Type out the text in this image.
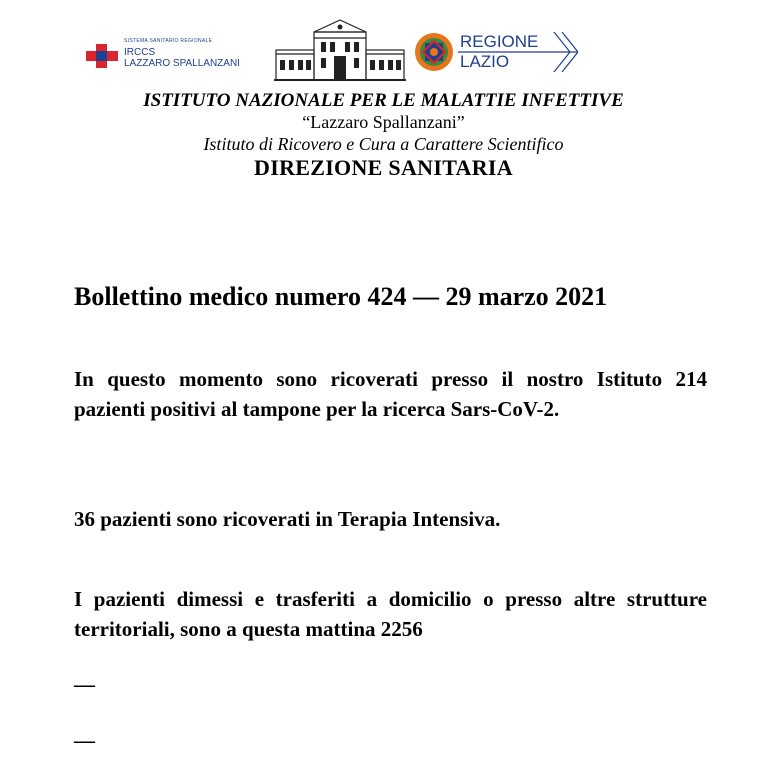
SISTEMA SANITARIO REGIONALE
IRCCS
LAZZARO SPALLANZANI
REGIONE
LAZIO

ISTITUTO NAZIONALE PER LE MALATTIE INFETTIVE

“Lazzaro Spallanzani”

Istituto di Ricovero e Cura a Carattere Scientifico

DIREZIONE SANITARIA

Bollettino medico numero 424 — 29 marzo 2021
In questo momento sono ricoverati presso il nostro Istituto 214 pazienti positivi al tampone per la ricerca Sars-CoV-2.
36 pazienti sono ricoverati in Terapia Intensiva.
I pazienti dimessi e trasferiti a domicilio o presso altre strutture territoriali, sono a questa mattina 2256
—
—
